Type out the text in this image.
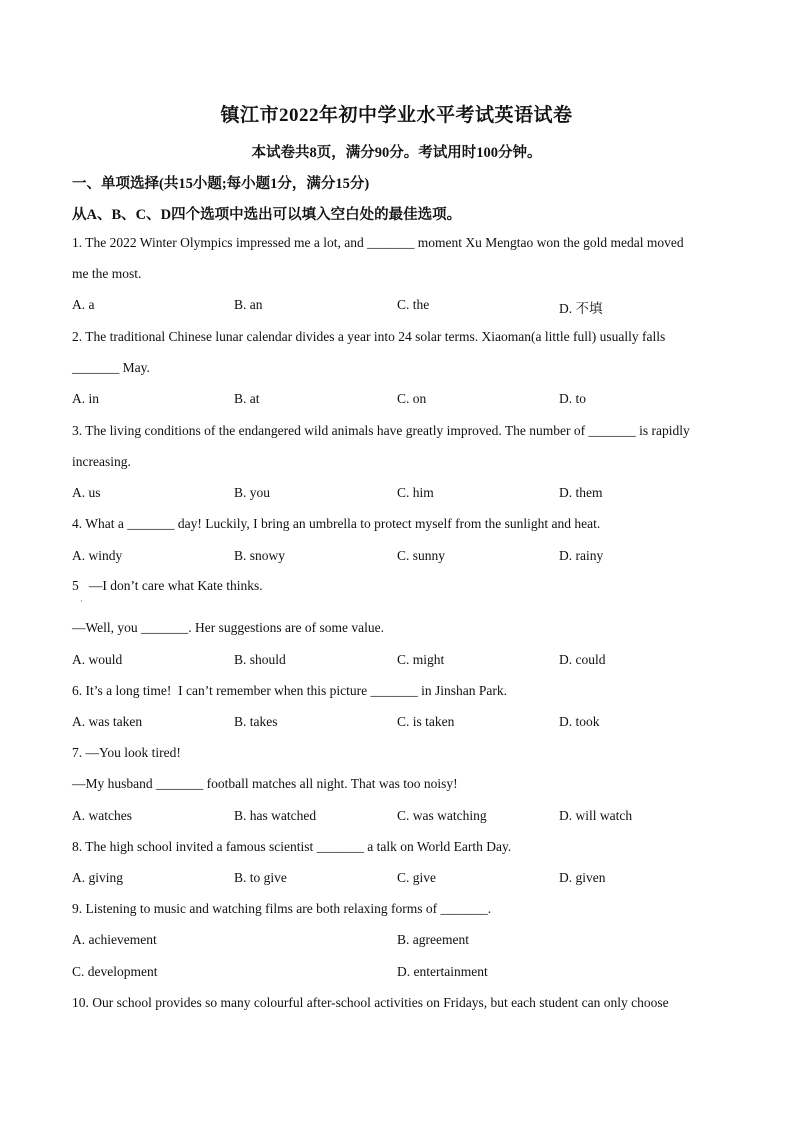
镇江市2022年初中学业水平考试英语试卷
本试卷共8页，满分90分。考试用时100分钟。
一、单项选择(共15小题;每小题1分，满分15分)
从A、B、C、D四个选项中选出可以填入空白处的最佳选项。
1. The 2022 Winter Olympics impressed me a lot, and _______ moment Xu Mengtao won the gold medal moved
me the most.
A. a	B. an	C. the	D. 不填
2. The traditional Chinese lunar calendar divides a year into 24 solar terms. Xiaoman(a little full) usually falls
_______ May.
A. in	B. at	C. on	D. to
3. The living conditions of the endangered wild animals have greatly improved. The number of _______ is rapidly
increasing.
A. us	B. you	C. him	D. them
4. What a _______ day! Luckily, I bring an umbrella to protect myself from the sunlight and heat.
A. windy	B. snowy	C. sunny	D. rainy
5   —I don’t care what Kate thinks.
·
—Well, you _______. Her suggestions are of some value.
A. would	B. should	C. might	D. could
6. It’s a long time!  I can’t remember when this picture _______ in Jinshan Park.
A. was taken	B. takes	C. is taken	D. took
7. —You look tired!
—My husband _______ football matches all night. That was too noisy!
A. watches	B. has watched	C. was watching	D. will watch
8. The high school invited a famous scientist _______ a talk on World Earth Day.
A. giving	B. to give	C. give	D. given
9. Listening to music and watching films are both relaxing forms of _______.
A. achievement	B. agreement
C. development	D. entertainment
10. Our school provides so many colourful after-school activities on Fridays, but each student can only choose
